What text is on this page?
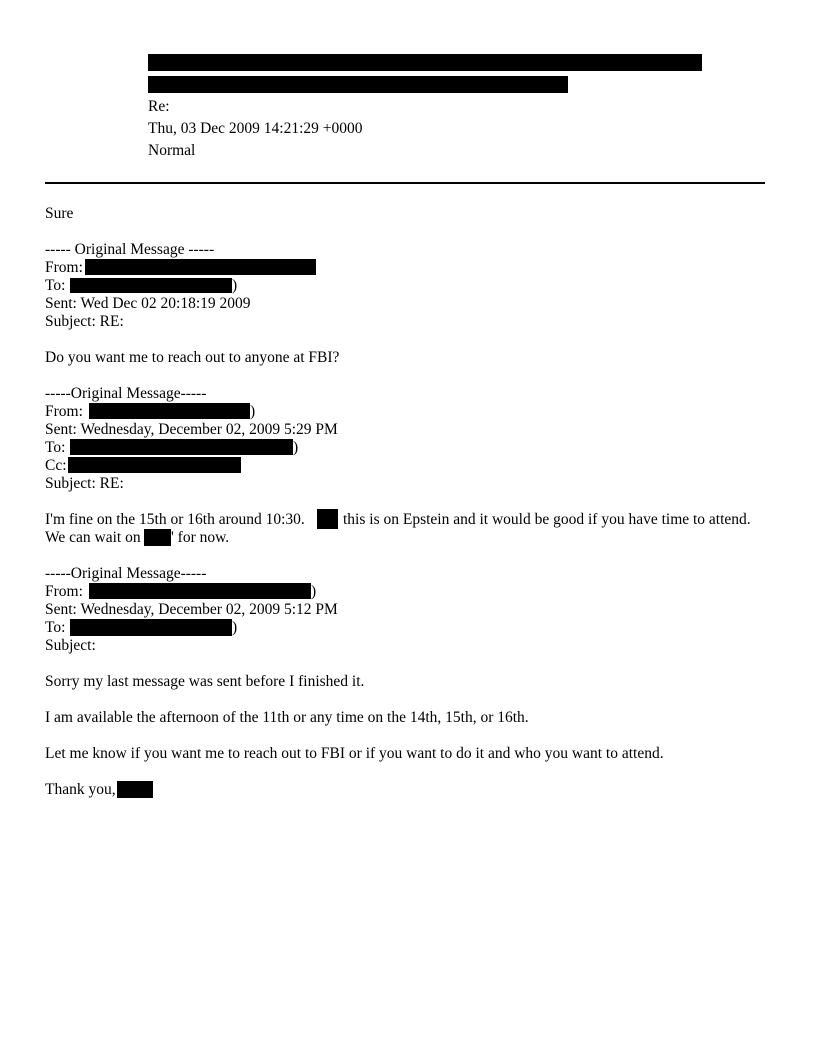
Re:
Thu, 03 Dec 2009 14:21:29 +0000
Normal
Sure
----- Original Message -----
From:
To:	)
Sent: Wed Dec 02 20:18:19 2009
Subject: RE:
Do you want me to reach out to anyone at FBI?
-----Original Message-----
From:	)
Sent: Wednesday, December 02, 2009 5:29 PM
To:	)
Cc:
Subject: RE:
I'm fine on the 15th or 16th around 10:30. this is on Epstein and it would be good if you have time to attend.
We can wait on ' for now.
-----Original Message-----
From:	)
Sent: Wednesday, December 02, 2009 5:12 PM
To:	)
Subject:
Sorry my last message was sent before I finished it.
I am available the afternoon of the 11th or any time on the 14th, 15th, or 16th.
Let me know if you want me to reach out to FBI or if you want to do it and who you want to attend.
Thank you,
